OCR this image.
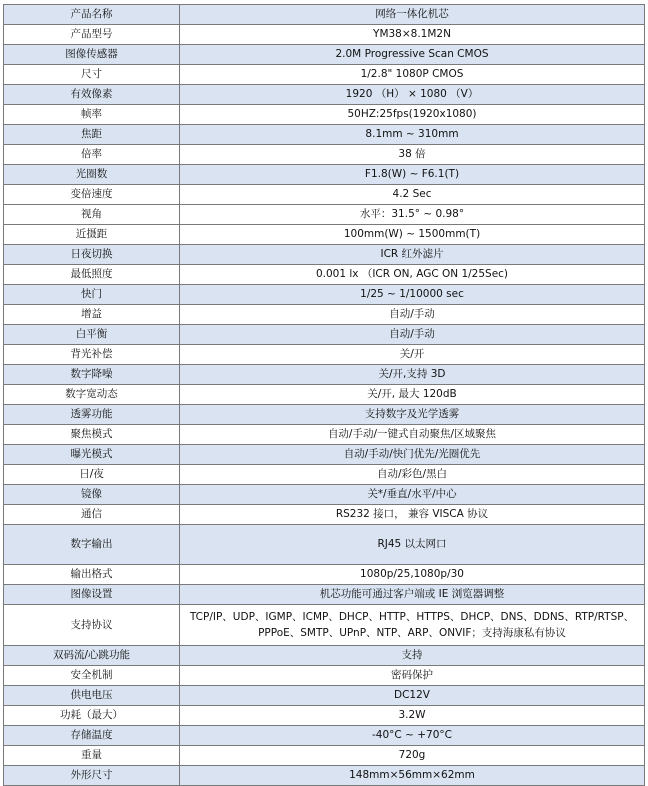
产品名称	网络一体化机芯
产品型号	YM38×8.1M2N
图像传感器	2.0M Progressive Scan CMOS
尺寸	1/2.8" 1080P CMOS
有效像素	1920 （H） × 1080 （V）
帧率	50HZ:25fps(1920x1080)
焦距	8.1mm ~ 310mm
倍率	38 倍
光圈数	F1.8(W) ~ F6.1(T)
变倍速度	4.2 Sec
视角	水平：31.5° ~ 0.98°
近摄距	100mm(W) ~ 1500mm(T)
日夜切换	ICR 红外滤片
最低照度	0.001 lx （ICR ON, AGC ON 1/25Sec)
快门	1/25 ~ 1/10000 sec
增益	自动/手动
白平衡	自动/手动
背光补偿	关/开
数字降噪	关/开,支持 3D
数字宽动态	关/开, 最大 120dB
透雾功能	支持数字及光学透雾
聚焦模式	自动/手动/一键式自动聚焦/区域聚焦
曝光模式	自动/手动/快门优先/光圈优先
日/夜	自动/彩色/黑白
镜像	关*/垂直/水平/中心
通信	RS232 接口， 兼容 VISCA 协议
数字输出	RJ45 以太网口
输出格式	1080p/25,1080p/30
图像设置	机芯功能可通过客户端或 IE 浏览器调整
支持协议	TCP/IP、UDP、IGMP、ICMP、DHCP、HTTP、HTTPS、DHCP、DNS、DDNS、RTP/RTSP、PPPoE、SMTP、UPnP、NTP、ARP、ONVIF；支持海康私有协议
双码流/心跳功能	支持
安全机制	密码保护
供电电压	DC12V
功耗（最大）	3.2W
存储温度	-40°C ~ +70°C
重量	720g
外形尺寸	148mm×56mm×62mm
